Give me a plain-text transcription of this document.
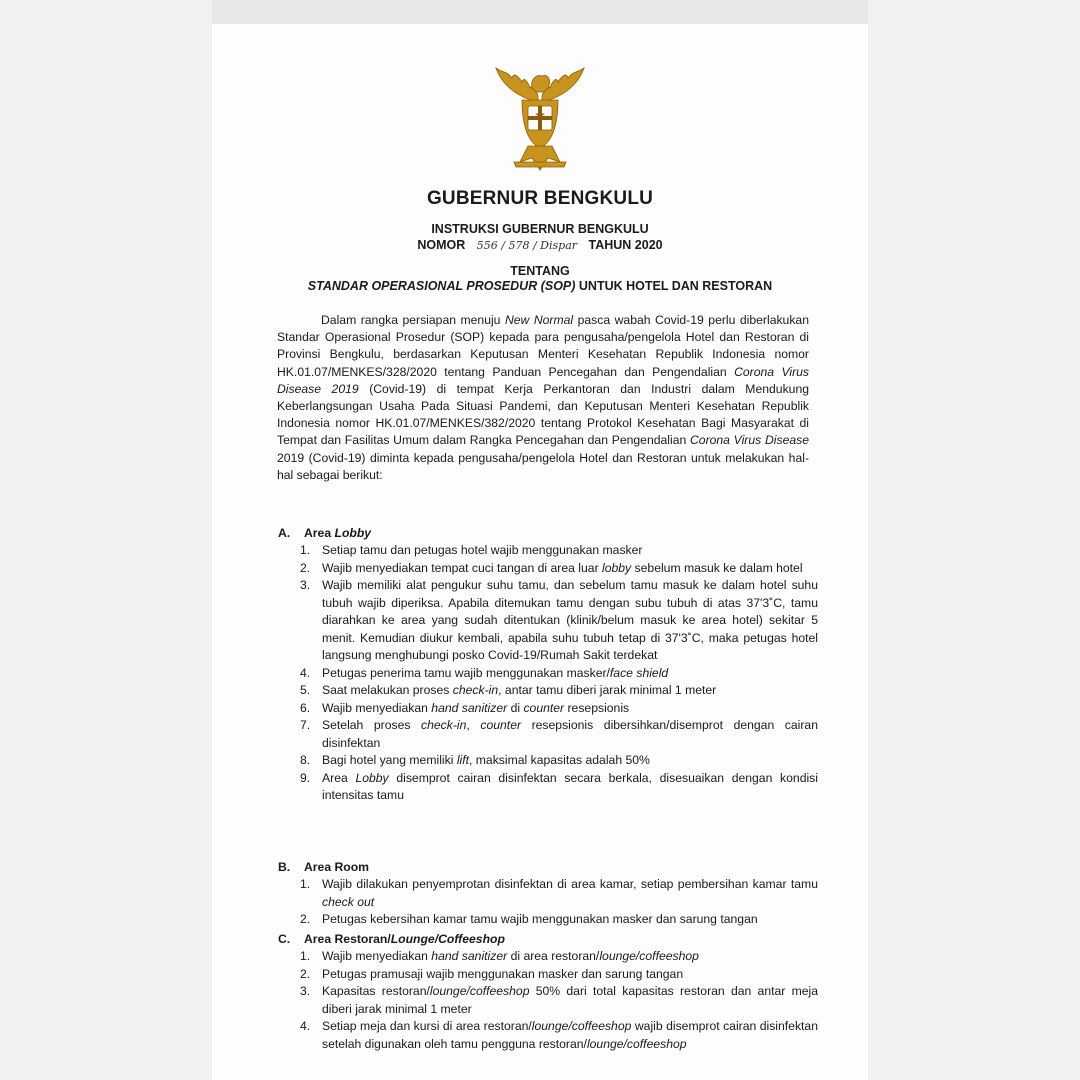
GUBERNUR BENGKULU
INSTRUKSI GUBERNUR BENGKULU
NOMOR 556 / 578 / Dispar TAHUN 2020
TENTANG
STANDAR OPERASIONAL PROSEDUR (SOP) UNTUK HOTEL DAN RESTORAN
Dalam rangka persiapan menuju New Normal pasca wabah Covid-19 perlu diberlakukan Standar Operasional Prosedur (SOP) kepada para pengusaha/pengelola Hotel dan Restoran di Provinsi Bengkulu, berdasarkan Keputusan Menteri Kesehatan Republik Indonesia nomor HK.01.07/MENKES/328/2020 tentang Panduan Pencegahan dan Pengendalian Corona Virus Disease 2019 (Covid-19) di tempat Kerja Perkantoran dan Industri dalam Mendukung Keberlangsungan Usaha Pada Situasi Pandemi, dan Keputusan Menteri Kesehatan Republik Indonesia nomor HK.01.07/MENKES/382/2020 tentang Protokol Kesehatan Bagi Masyarakat di Tempat dan Fasilitas Umum dalam Rangka Pencegahan dan Pengendalian Corona Virus Disease 2019 (Covid-19) diminta kepada pengusaha/pengelola Hotel dan Restoran untuk melakukan hal-hal sebagai berikut:
A. Area Lobby
1. Setiap tamu dan petugas hotel wajib menggunakan masker
2. Wajib menyediakan tempat cuci tangan di area luar lobby sebelum masuk ke dalam hotel
3. Wajib memiliki alat pengukur suhu tamu, dan sebelum tamu masuk ke dalam hotel suhu tubuh wajib diperiksa. Apabila ditemukan tamu dengan subu tubuh di atas 37'3˚C, tamu diarahkan ke area yang sudah ditentukan (klinik/belum masuk ke area hotel) sekitar 5 menit. Kemudian diukur kembali, apabila suhu tubuh tetap di 37'3˚C, maka petugas hotel langsung menghubungi posko Covid-19/Rumah Sakit terdekat
4. Petugas penerima tamu wajib menggunakan masker/face shield
5. Saat melakukan proses check-in, antar tamu diberi jarak minimal 1 meter
6. Wajib menyediakan hand sanitizer di counter resepsionis
7. Setelah proses check-in, counter resepsionis dibersihkan/disemprot dengan cairan disinfektan
8. Bagi hotel yang memiliki lift, maksimal kapasitas adalah 50%
9. Area Lobby disemprot cairan disinfektan secara berkala, disesuaikan dengan kondisi intensitas tamu
B. Area Room
1. Wajib dilakukan penyemprotan disinfektan di area kamar, setiap pembersihan kamar tamu check out
2. Petugas kebersihan kamar tamu wajib menggunakan masker dan sarung tangan
C. Area Restoran/Lounge/Coffeeshop
1. Wajib menyediakan hand sanitizer di area restoran/lounge/coffeeshop
2. Petugas pramusaji wajib menggunakan masker dan sarung tangan
3. Kapasitas restoran/lounge/coffeeshop 50% dari total kapasitas restoran dan antar meja diberi jarak minimal 1 meter
4. Setiap meja dan kursi di area restoran/lounge/coffeeshop wajib disemprot cairan disinfektan setelah digunakan oleh tamu pengguna restoran/lounge/coffeeshop
